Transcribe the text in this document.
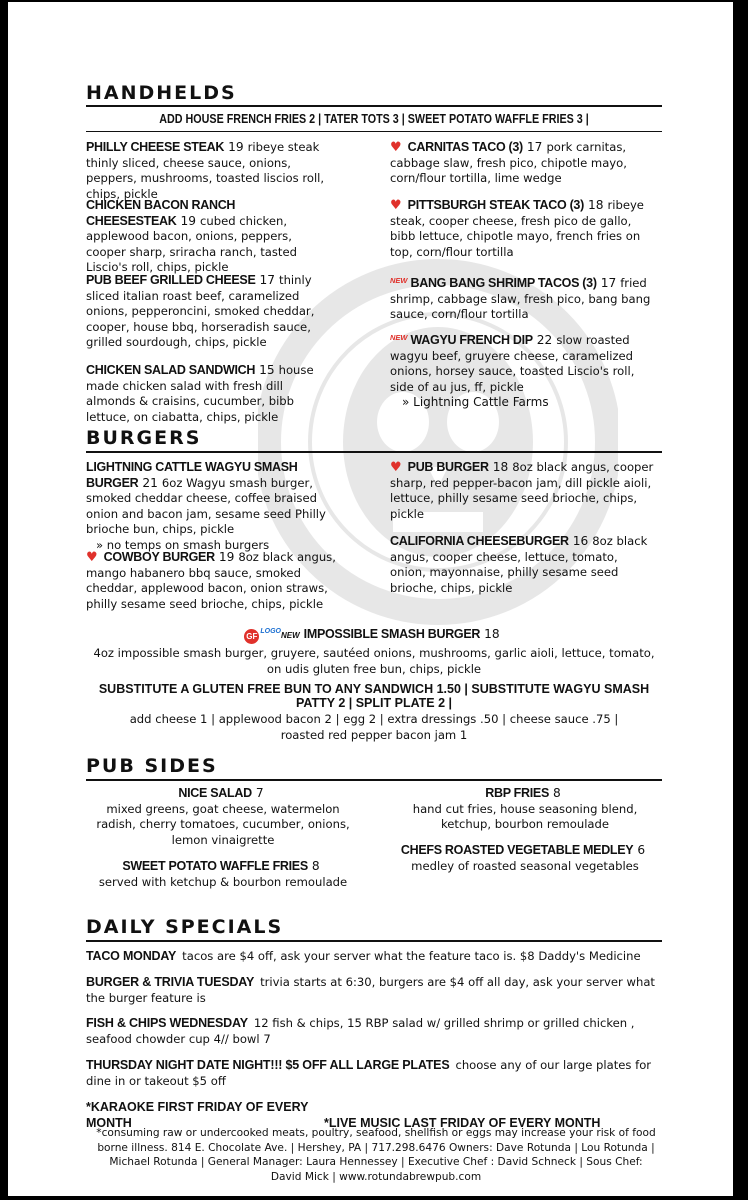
HANDHELDS
ADD HOUSE FRENCH FRIES 2 | TATER TOTS 3 | SWEET POTATO WAFFLE FRIES 3 |
PHILLY CHEESE STEAK 19 ribeye steak thinly sliced, cheese sauce, onions, peppers, mushrooms, toasted liscios roll, chips, pickle
CHICKEN BACON RANCH CHEESESTEAK 19 cubed chicken, applewood bacon, onions, peppers, cooper sharp, sriracha ranch, tasted Liscio's roll, chips, pickle
PUB BEEF GRILLED CHEESE 17 thinly sliced italian roast beef, caramelized onions, pepperoncini, smoked cheddar, cooper, house bbq, horseradish sauce, grilled sourdough, chips, pickle
CHICKEN SALAD SANDWICH 15 house made chicken salad with fresh dill almonds & craisins, cucumber, bibb lettuce, on ciabatta, chips, pickle
♥ CARNITAS TACO (3) 17 pork carnitas, cabbage slaw, fresh pico, chipotle mayo, corn/flour tortilla, lime wedge
♥ PITTSBURGH STEAK TACO (3) 18 ribeye steak, cooper cheese, fresh pico de gallo, bibb lettuce, chipotle mayo, french fries on top, corn/flour tortilla
$^{NEW}$ BANG BANG SHRIMP TACOS (3) 17 fried shrimp, cabbage slaw, fresh pico, bang bang sauce, corn/flour tortilla
$^{NEW}$ WAGYU FRENCH DIP 22 slow roasted wagyu beef, gruyere cheese, caramelized onions, horsey sauce, toasted Liscio's roll, side of au jus, ff, pickle
» Lightning Cattle Farms
BURGERS
LIGHTNING CATTLE WAGYU SMASH BURGER 21 6oz Wagyu smash burger, smoked cheddar cheese, coffee braised onion and bacon jam, sesame seed Philly brioche bun, chips, pickle
» no temps on smash burgers
♥ COWBOY BURGER 19 8oz black angus, mango habanero bbq sauce, smoked cheddar, applewood bacon, onion straws, philly sesame seed brioche, chips, pickle
♥ PUB BURGER 18 8oz black angus, cooper sharp, red pepper-bacon jam, dill pickle aioli, lettuce, philly sesame seed brioche, chips, pickle
CALIFORNIA CHEESEBURGER 16 8oz black angus, cooper cheese, lettuce, tomato, onion, mayonnaise, philly sesame seed brioche, chips, pickle
$GF^{LOGO}NEW$ IMPOSSIBLE SMASH BURGER 18
4oz impossible smash burger, gruyere, sautéed onions, mushrooms, garlic aioli, lettuce, tomato, on udis gluten free bun, chips, pickle
SUBSTITUTE A GLUTEN FREE BUN TO ANY SANDWICH 1.50 | SUBSTITUTE WAGYU SMASH PATTY 2 | SPLIT PLATE 2 |
add cheese 1 | applewood bacon 2 | egg 2 | extra dressings .50 | cheese sauce .75 | roasted red pepper bacon jam 1
PUB SIDES
NICE SALAD 7
mixed greens, goat cheese, watermelon radish, cherry tomatoes, cucumber, onions, lemon vinaigrette
SWEET POTATO WAFFLE FRIES 8
served with ketchup & bourbon remoulade
RBP FRIES 8
hand cut fries, house seasoning blend, ketchup, bourbon remoulade
CHEFS ROASTED VEGETABLE MEDLEY 6
medley of roasted seasonal vegetables
DAILY SPECIALS
TACO MONDAY tacos are $4 off, ask your server what the feature taco is. $8 Daddy's Medicine
BURGER & TRIVIA TUESDAY trivia starts at 6:30, burgers are $4 off all day, ask your server what the burger feature is
FISH & CHIPS WEDNESDAY 12 fish & chips, 15 RBP salad w/ grilled shrimp or grilled chicken , seafood chowder cup 4// bowl 7
THURSDAY NIGHT DATE NIGHT!!! $5 OFF ALL LARGE PLATES choose any of our large plates for dine in or takeout $5 off
*KARAOKE FIRST FRIDAY OF EVERY MONTH	*LIVE MUSIC LAST FRIDAY OF EVERY MONTH
*consuming raw or undercooked meats, poultry, seafood, shellfish or eggs may increase your risk of food borne illness. 814 E. Chocolate Ave. | Hershey, PA | 717.298.6476 Owners: Dave Rotunda | Lou Rotunda | Michael Rotunda | General Manager: Laura Hennessey | Executive Chef : David Schneck | Sous Chef: David Mick | www.rotundabrewpub.com
